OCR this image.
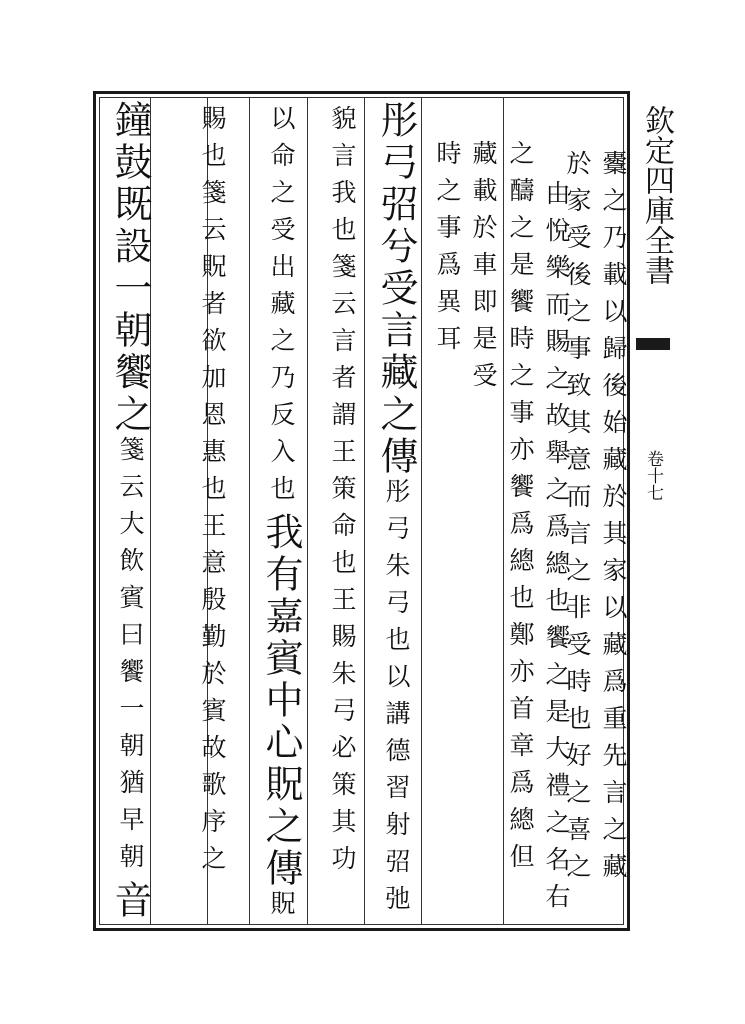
欽定四庫全書
卷十七
櫜之乃載以歸後始藏於其家以藏爲重先言之藏
於家受後之事致其意而言之非受時也好之喜之
由悅樂而賜之故舉之爲總也饗之是大禮之名右
之醻之是饗時之事亦饗爲總也鄭亦首章爲總但
藏載於車即是受
時之事爲異耳
彤弓弨兮受言藏之傳彤弓朱弓也以講德習射弨弛
貌言我也箋云言者謂王策命也王賜朱弓必策其功
以命之受出藏之乃反入也我有嘉賓中心貺之傳貺
賜也箋云貺者欲加恩惠也王意殷勤於賓故歌序之
鐘鼓既設一朝饗之箋云大飲賓曰饗一朝猶早朝音
